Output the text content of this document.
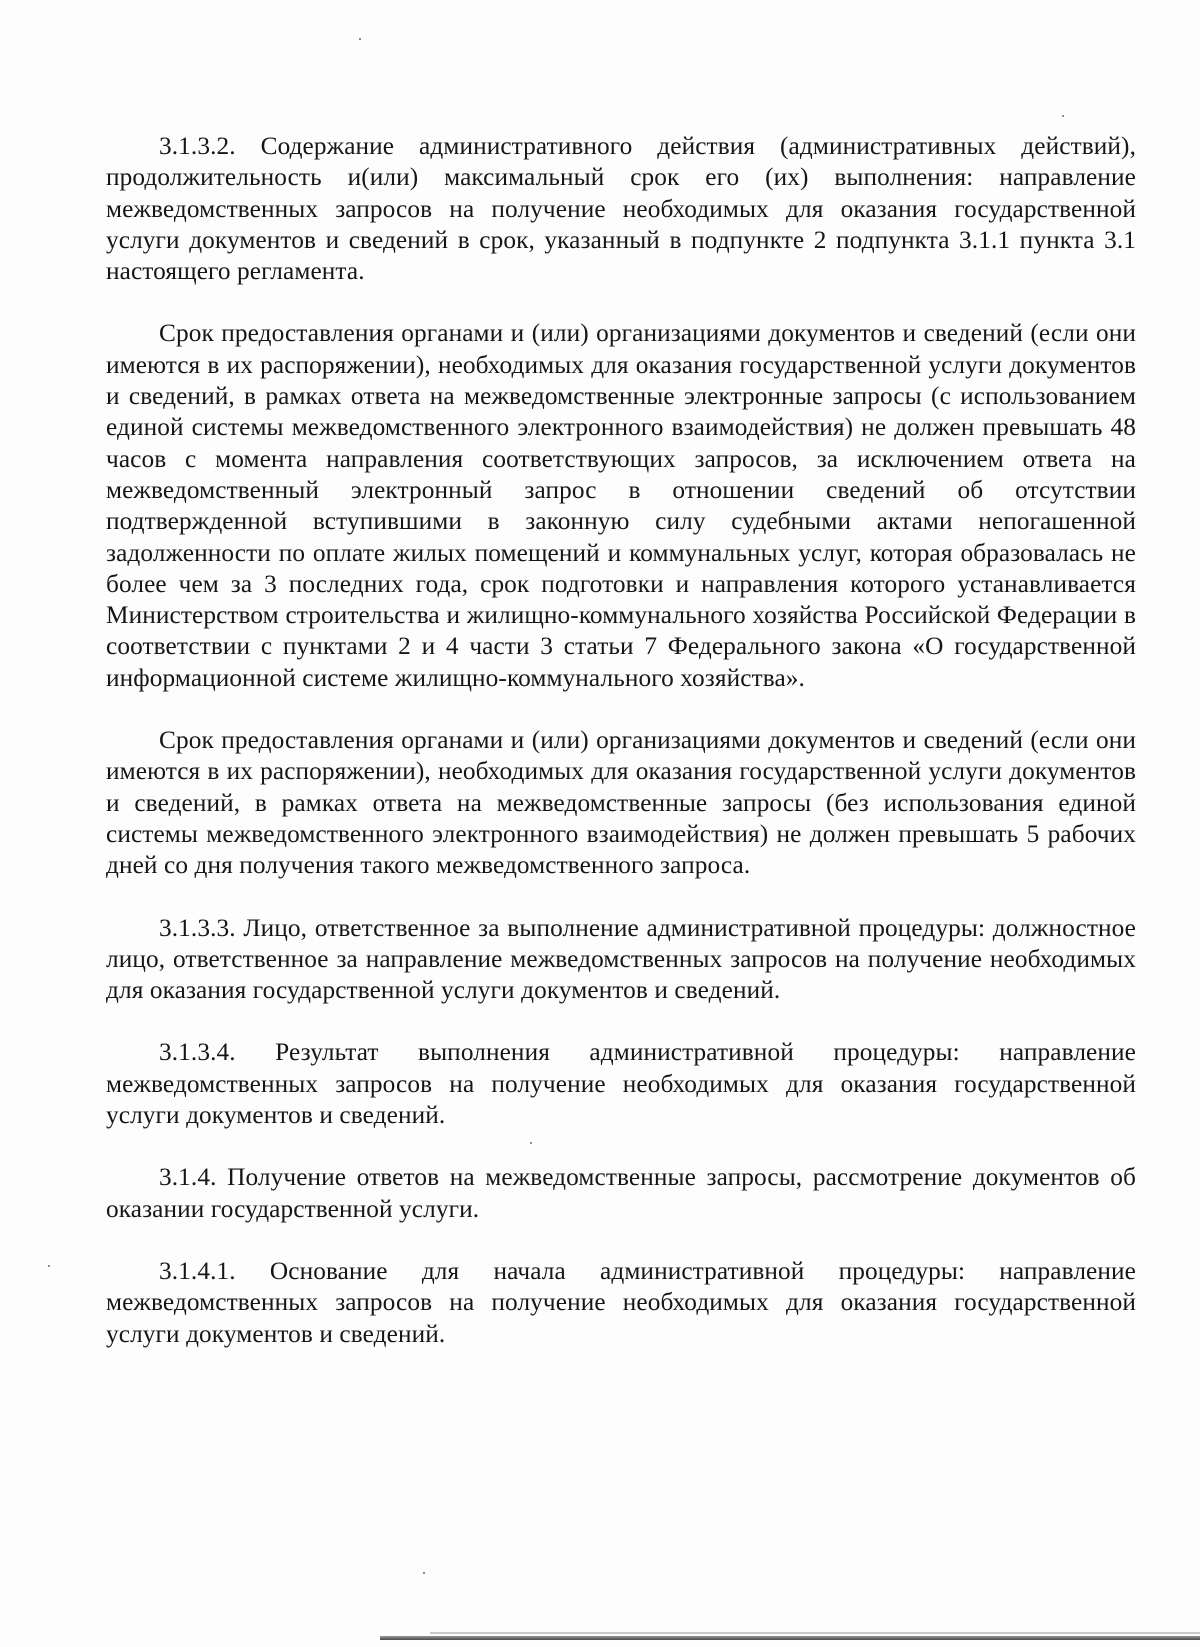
3.1.3.2. Содержание административного действия (административных действий), продолжительность и(или) максимальный срок его (их) выполнения: направление межведомственных запросов на получение необходимых для оказания государственной услуги документов и сведений в срок, указанный в подпункте 2 подпункта 3.1.1 пункта 3.1 настоящего регламента.

Срок предоставления органами и (или) организациями документов и сведений (если они имеются в их распоряжении), необходимых для оказания государственной услуги документов и сведений, в рамках ответа на межведомственные электронные запросы (с использованием единой системы межведомственного электронного взаимодействия) не должен превышать 48 часов с момента направления соответствующих запросов, за исключением ответа на межведомственный электронный запрос в отношении сведений об отсутствии подтвержденной вступившими в законную силу судебными актами непогашенной задолженности по оплате жилых помещений и коммунальных услуг, которая образовалась не более чем за 3 последних года, срок подготовки и направления которого устанавливается Министерством строительства и жилищно-коммунального хозяйства Российской Федерации в соответствии с пунктами 2 и 4 части 3 статьи 7 Федерального закона «О государственной информационной системе жилищно-коммунального хозяйства».

Срок предоставления органами и (или) организациями документов и сведений (если они имеются в их распоряжении), необходимых для оказания государственной услуги документов и сведений, в рамках ответа на межведомственные запросы (без использования единой системы межведомственного электронного взаимодействия) не должен превышать 5 рабочих дней со дня получения такого межведомственного запроса.

3.1.3.3. Лицо, ответственное за выполнение административной процедуры: должностное лицо, ответственное за направление межведомственных запросов на получение необходимых для оказания государственной услуги документов и сведений.

3.1.3.4. Результат выполнения административной процедуры: направление межведомственных запросов на получение необходимых для оказания государственной услуги документов и сведений.

3.1.4. Получение ответов на межведомственные запросы, рассмотрение документов об оказании государственной услуги.

3.1.4.1. Основание для начала административной процедуры: направление межведомственных запросов на получение необходимых для оказания государственной услуги документов и сведений.
